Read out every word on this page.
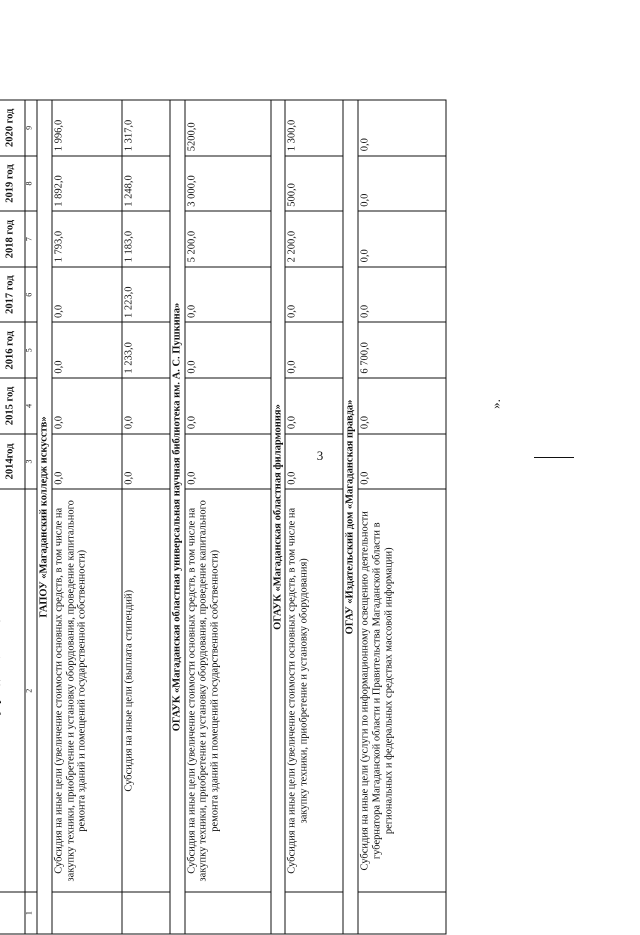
3

		2014год	2015 год	2016 год	2017 год	2018 год	2019 год	2020 год
1	2	3	4	5	6	7	8	9
ГАПОУ «Магаданский колледж искусств»								
	Субсидия на иные цели (увеличение стоимости основных средств, в том числе на закупку техники, приобретение и установку оборудования, проведение капитального ремонта зданий и помещений государственной собственности)	0,0	0,0	0,0	0,0	1 793,0	1 892,0	1 996,0
	Субсидия на иные цели (выплата стипендий)	0,0	0,0	1 233,0	1 223,0	1 183,0	1 248,0	1 317,0
ОГАУК «Магаданская областная универсальная научная библиотека им. А. С. Пушкина»								
	Субсидия на иные цели (увеличение стоимости основных средств, в том числе на закупку техники, приобретение и установку оборудования, проведение капитального ремонта зданий и помещений государственной собственности)	0,0	0,0	0,0	0,0	5 200,0	3 000,0	5200,0
ОГАУК «Магаданская областная филармония»								
	Субсидия на иные цели (увеличение стоимости основных средств, в том числе на закупку техники, приобретение и установку оборудования)	0,0	0,0	0,0	0,0	2 200,0	500,0	1 300,0
ОГАУ «Издательский дом «Магаданская правда»								
	Субсидия на иные цели (услуги по информационному освещению деятельности губернатора Магаданской области и Правительства Магаданской области в региональных и федеральных средствах массовой информации)	0,0	0,0	6 700,0	0,0	0,0	0,0	0,0
».
